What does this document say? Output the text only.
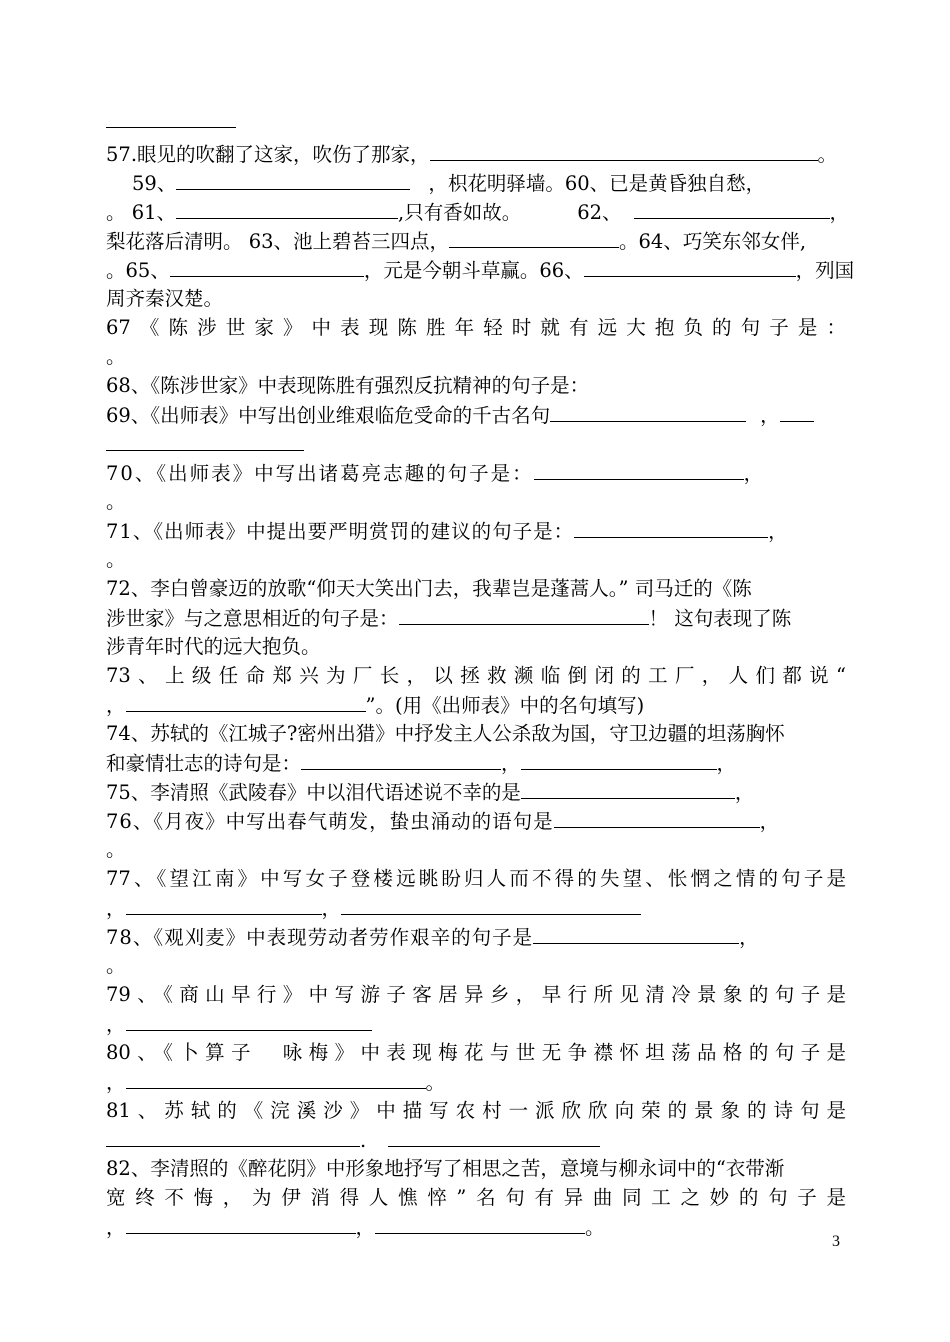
57.眼见的吹翻了这家，吹伤了那家，	。
59、	，枳花明驿墙。60、已是黄昏独自愁，
。 61、	,只有香如故。	62、	，
梨花落后清明。 63、池上碧苔三四点，	。64、巧笑东邻女伴,
。65、	，元是今朝斗草赢。66、	，列国
周齐秦汉楚。
67《陈涉世家》中表现陈胜年轻时就有远大抱负的句子是：
。
68、《陈涉世家》中表现陈胜有强烈反抗精神的句子是：
69、《出师表》中写出创业维艰临危受命的千古名句	，
70、《出师表》中写出诸葛亮志趣的句子是：	，
。
71、《出师表》中提出要严明赏罚的建议的句子是：	，
。
72、李白曾豪迈的放歌“仰天大笑出门去，我辈岂是蓬蒿人。” 司马迁的《陈
涉世家》与之意思相近的句子是：	！ 这句表现了陈
涉青年时代的远大抱负。
73、上级任命郑兴为厂长，以拯救濒临倒闭的工厂，人们都说“
，	”。(用《出师表》中的名句填写)
74、苏轼的《江城子?密州出猎》中抒发主人公杀敌为国，守卫边疆的坦荡胸怀
和豪情壮志的诗句是：	，	，
75、李清照《武陵春》中以泪代语述说不幸的是	，
76、《月夜》中写出春气萌发，蛰虫涌动的语句是	，
。
77、《望江南》中写女子登楼远眺盼归人而不得的失望、怅惘之情的句子是
，	，
78、《观刈麦》中表现劳动者劳作艰辛的句子是	，
。
79、《商山早行》中写游子客居异乡，早行所见清冷景象的句子是
，
80、《卜算子　咏梅》中表现梅花与世无争襟怀坦荡品格的句子是
，	。
81、苏轼的《浣溪沙》中描写农村一派欣欣向荣的景象的诗句是
.
82、李清照的《醉花阴》中形象地抒写了相思之苦，意境与柳永词中的“衣带渐
宽终不悔，为伊消得人憔悴”名句有异曲同工之妙的句子是
，	，	。
3
